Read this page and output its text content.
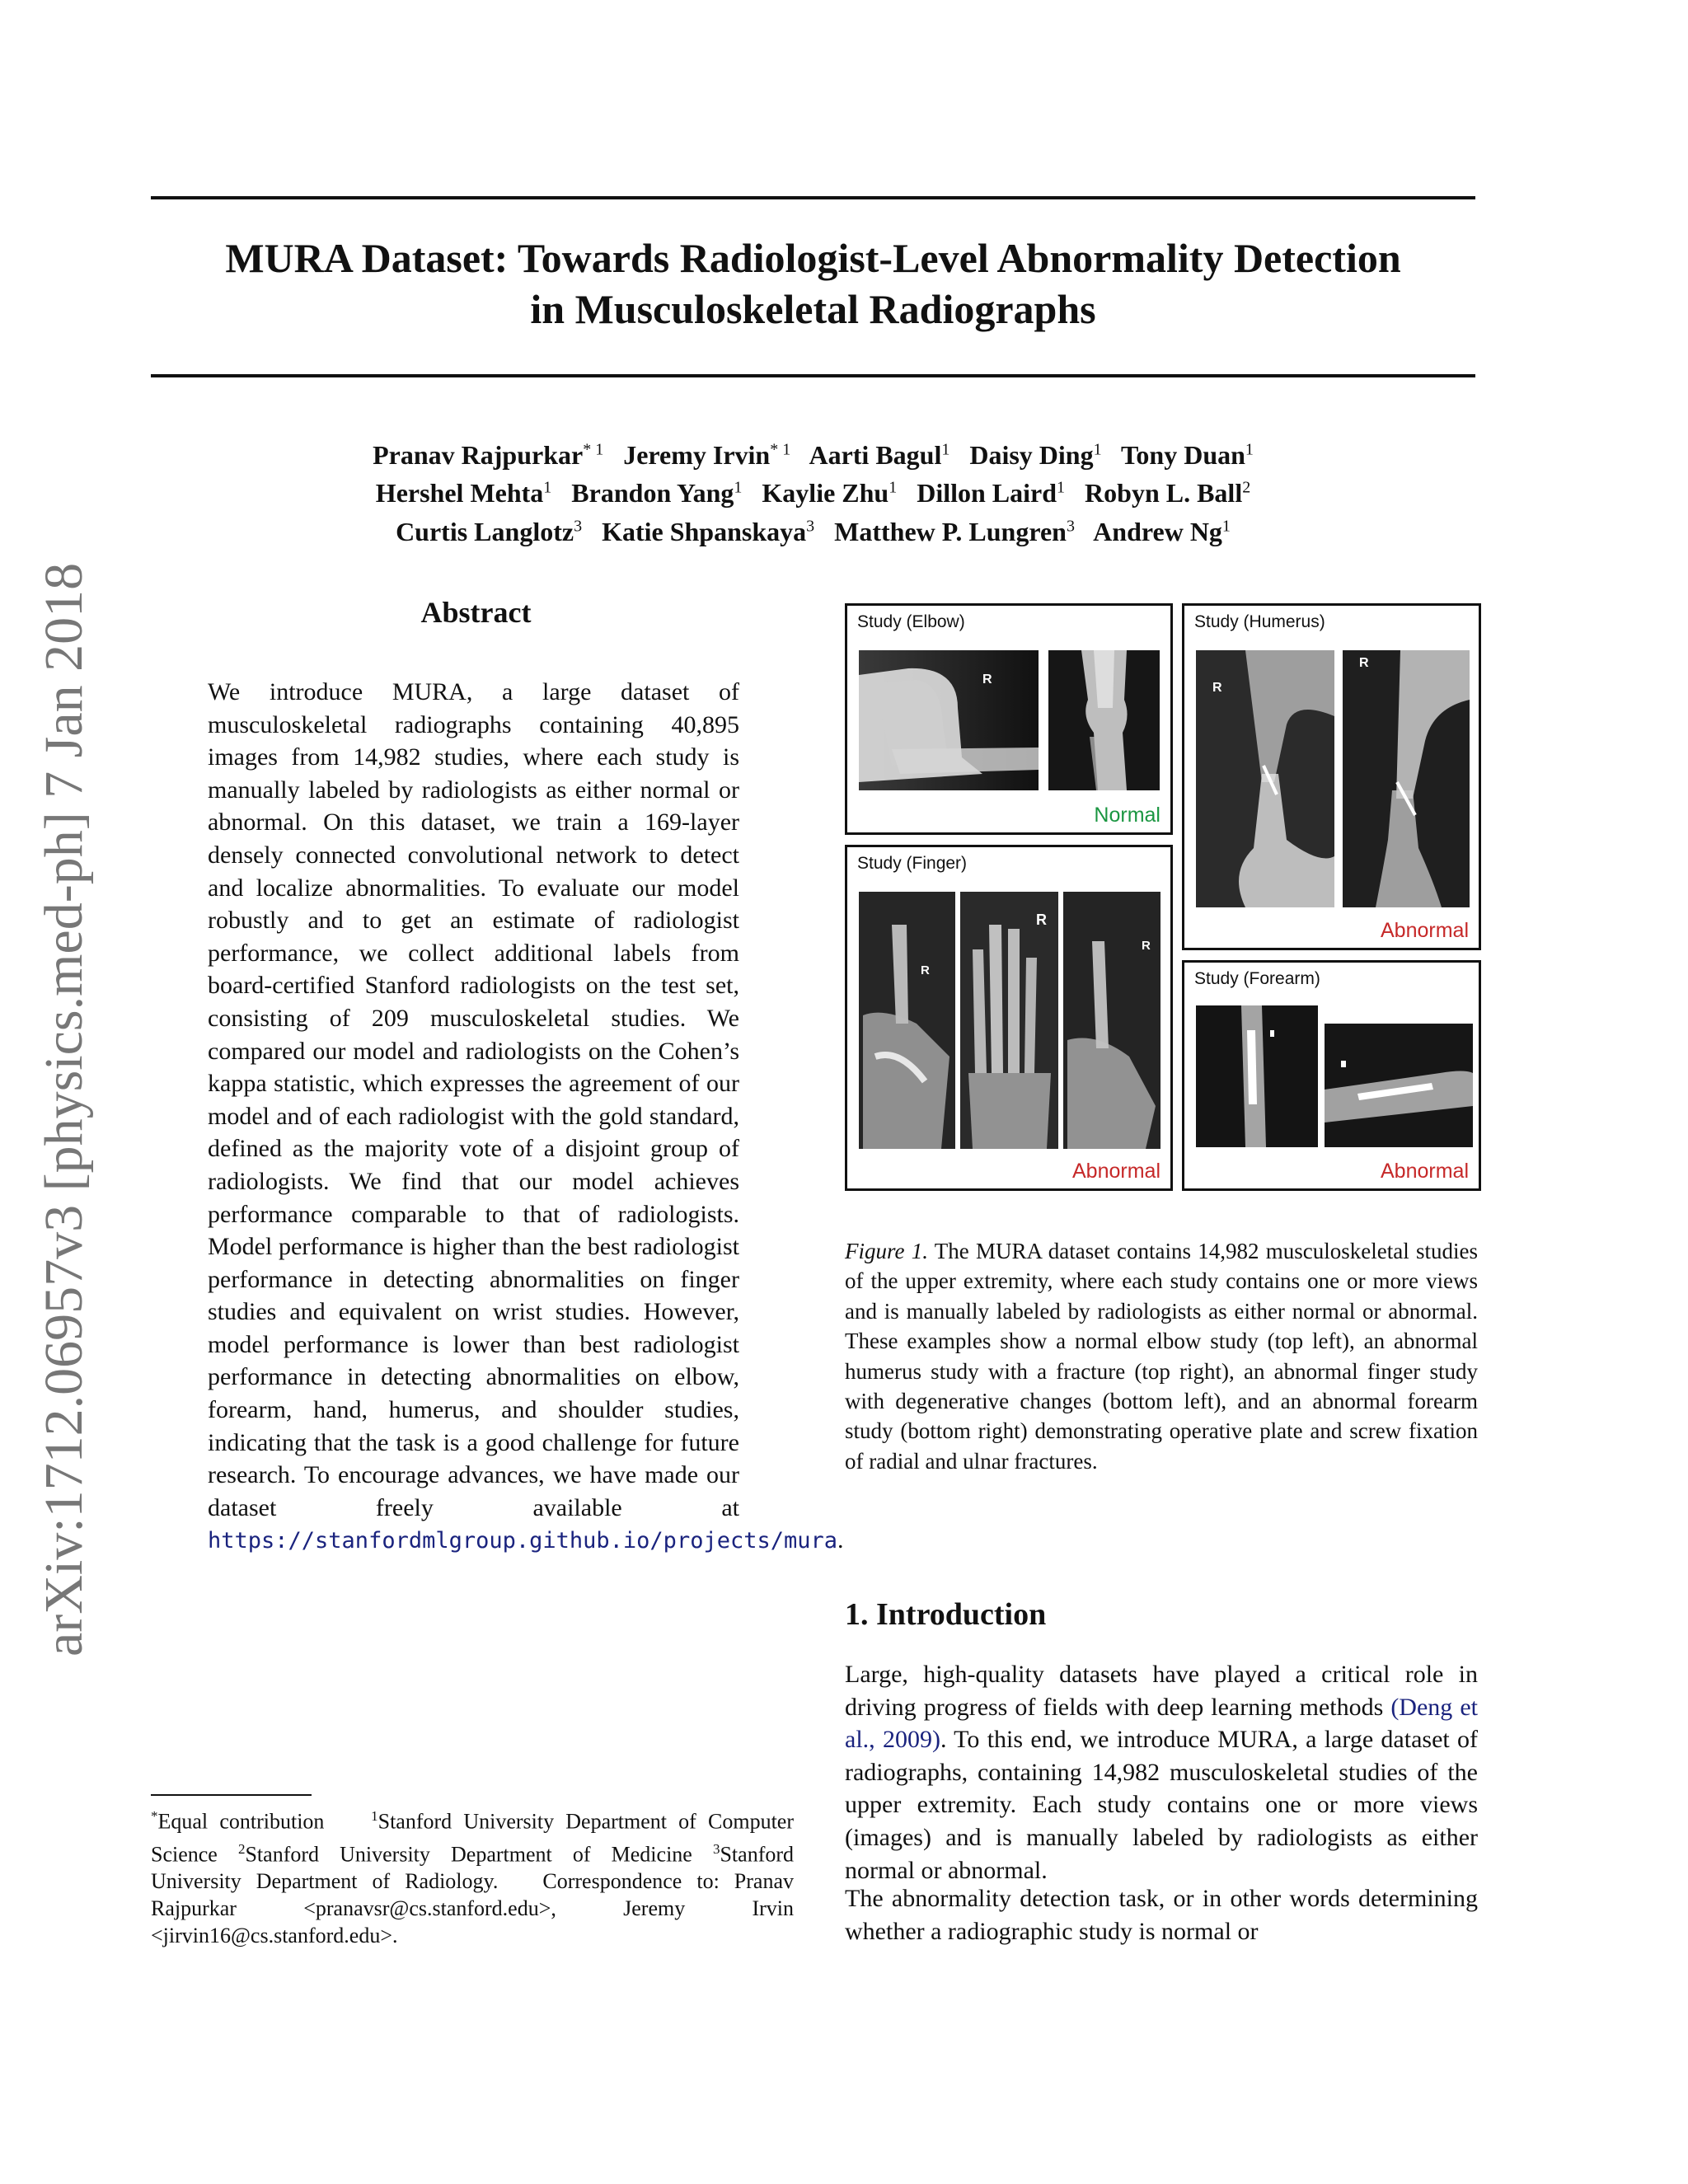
arXiv:1712.06957v3 [physics.med-ph] 7 Jan 2018
MURA Dataset: Towards Radiologist-Level Abnormality Detection
in Musculoskeletal Radiographs
Pranav Rajpurkar$^{* 1}$ Jeremy Irvin$^{* 1}$ Aarti Bagul$^1$ Daisy Ding$^1$ Tony Duan$^1$
Hershel Mehta$^1$ Brandon Yang$^1$ Kaylie Zhu$^1$ Dillon Laird$^1$ Robyn L. Ball$^2$
Curtis Langlotz$^3$ Katie Shpanskaya$^3$ Matthew P. Lungren$^3$ Andrew Ng$^1$
Abstract
We introduce MURA, a large dataset of musculoskeletal radiographs containing 40,895 images from 14,982 studies, where each study is manually labeled by radiologists as either normal or abnormal. On this dataset, we train a 169-layer densely connected convolutional network to detect and localize abnormalities. To evaluate our model robustly and to get an estimate of radiologist performance, we collect additional labels from board-certified Stanford radiologists on the test set, consisting of 209 musculoskeletal studies. We compared our model and radiologists on the Cohen’s kappa statistic, which expresses the agreement of our model and of each radiologist with the gold standard, defined as the majority vote of a disjoint group of radiologists. We find that our model achieves performance comparable to that of radiologists. Model performance is higher than the best radiologist performance in detecting abnormalities on finger studies and equivalent on wrist studies. However, model performance is lower than best radiologist performance in detecting abnormalities on elbow, forearm, hand, humerus, and shoulder studies, indicating that the task is a good challenge for future research. To encourage advances, we have made our dataset freely available at https://stanfordmlgroup.github.io/projects/mura.
*Equal contribution	$^1$Stanford University Department of Computer Science $^2$Stanford University Department of Medicine $^3$Stanford University Department of Radiology. Correspondence to: Pranav Rajpurkar <pranavsr@cs.stanford.edu>, Jeremy Irvin <jirvin16@cs.stanford.edu>.
Study (Elbow)
R
Normal
Study (Humerus)
R
R
Abnormal
Study (Finger)
R
R
R
Abnormal
Study (Forearm)
Abnormal
Figure 1. The MURA dataset contains 14,982 musculoskeletal studies of the upper extremity, where each study contains one or more views and is manually labeled by radiologists as either normal or abnormal. These examples show a normal elbow study (top left), an abnormal humerus study with a fracture (top right), an abnormal finger study with degenerative changes (bottom left), and an abnormal forearm study (bottom right) demonstrating operative plate and screw fixation of radial and ulnar fractures.
1. Introduction
Large, high-quality datasets have played a critical role in driving progress of fields with deep learning methods (Deng et al., 2009). To this end, we introduce MURA, a large dataset of radiographs, containing 14,982 musculoskeletal studies of the upper extremity. Each study contains one or more views (images) and is manually labeled by radiologists as either normal or abnormal.
The abnormality detection task, or in other words determining whether a radiographic study is normal or
